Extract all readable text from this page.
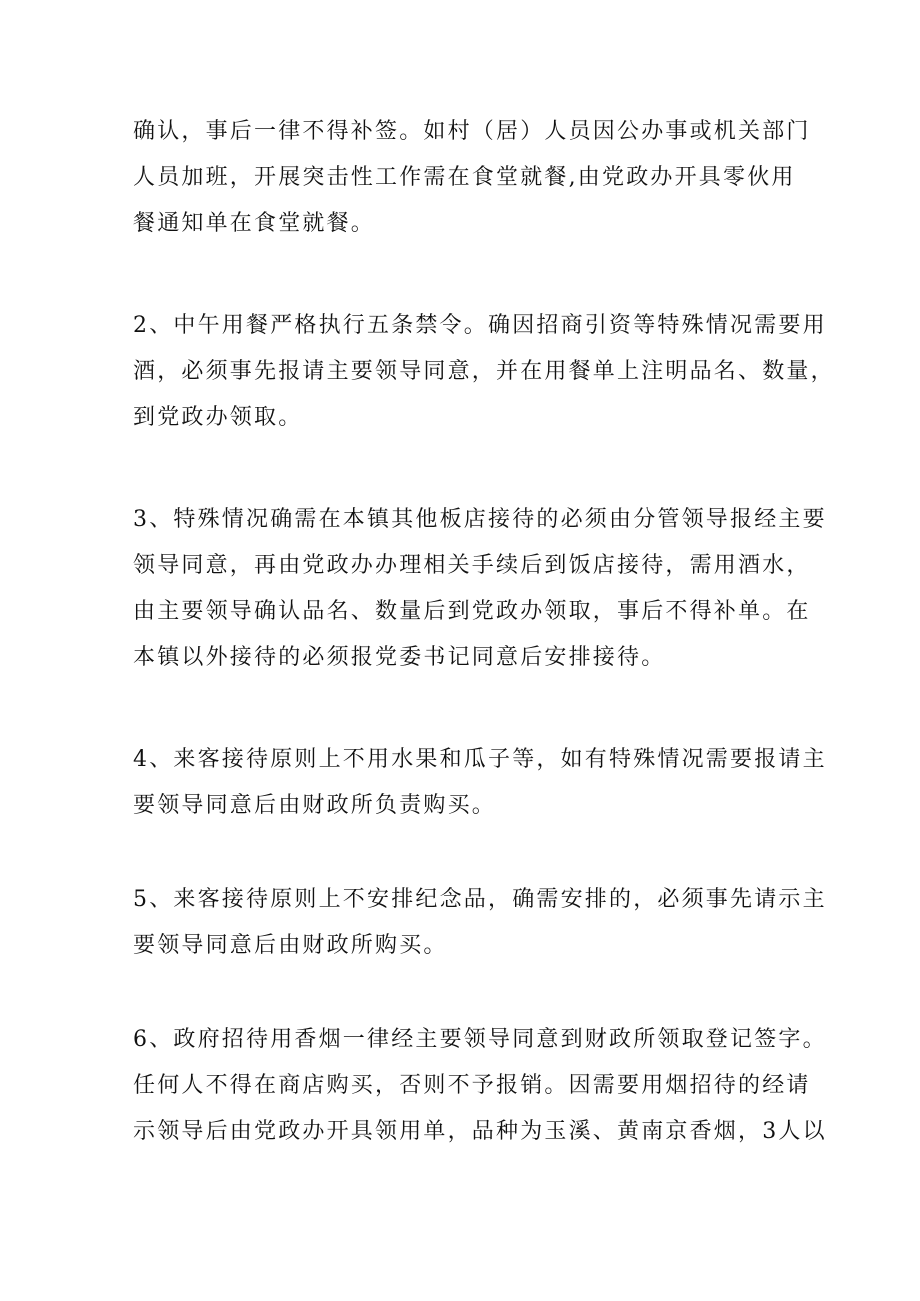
确认，事后一律不得补签。如村（居）人员因公办事或机关部门
人员加班，开展突击性工作需在食堂就餐,由党政办开具零伙用
餐通知单在食堂就餐。
2、中午用餐严格执行五条禁令。确因招商引资等特殊情况需要用
酒，必须事先报请主要领导同意，并在用餐单上注明品名、数量，
到党政办领取。
3、特殊情况确需在本镇其他板店接待的必须由分管领导报经主要
领导同意，再由党政办办理相关手续后到饭店接待，需用酒水，
由主要领导确认品名、数量后到党政办领取，事后不得补单。在
本镇以外接待的必须报党委书记同意后安排接待。
4、来客接待原则上不用水果和瓜子等，如有特殊情况需要报请主
要领导同意后由财政所负责购买。
5、来客接待原则上不安排纪念品，确需安排的，必须事先请示主
要领导同意后由财政所购买。
6、政府招待用香烟一律经主要领导同意到财政所领取登记签字。
任何人不得在商店购买，否则不予报销。因需要用烟招待的经请
示领导后由党政办开具领用单，品种为玉溪、黄南京香烟，3人以
